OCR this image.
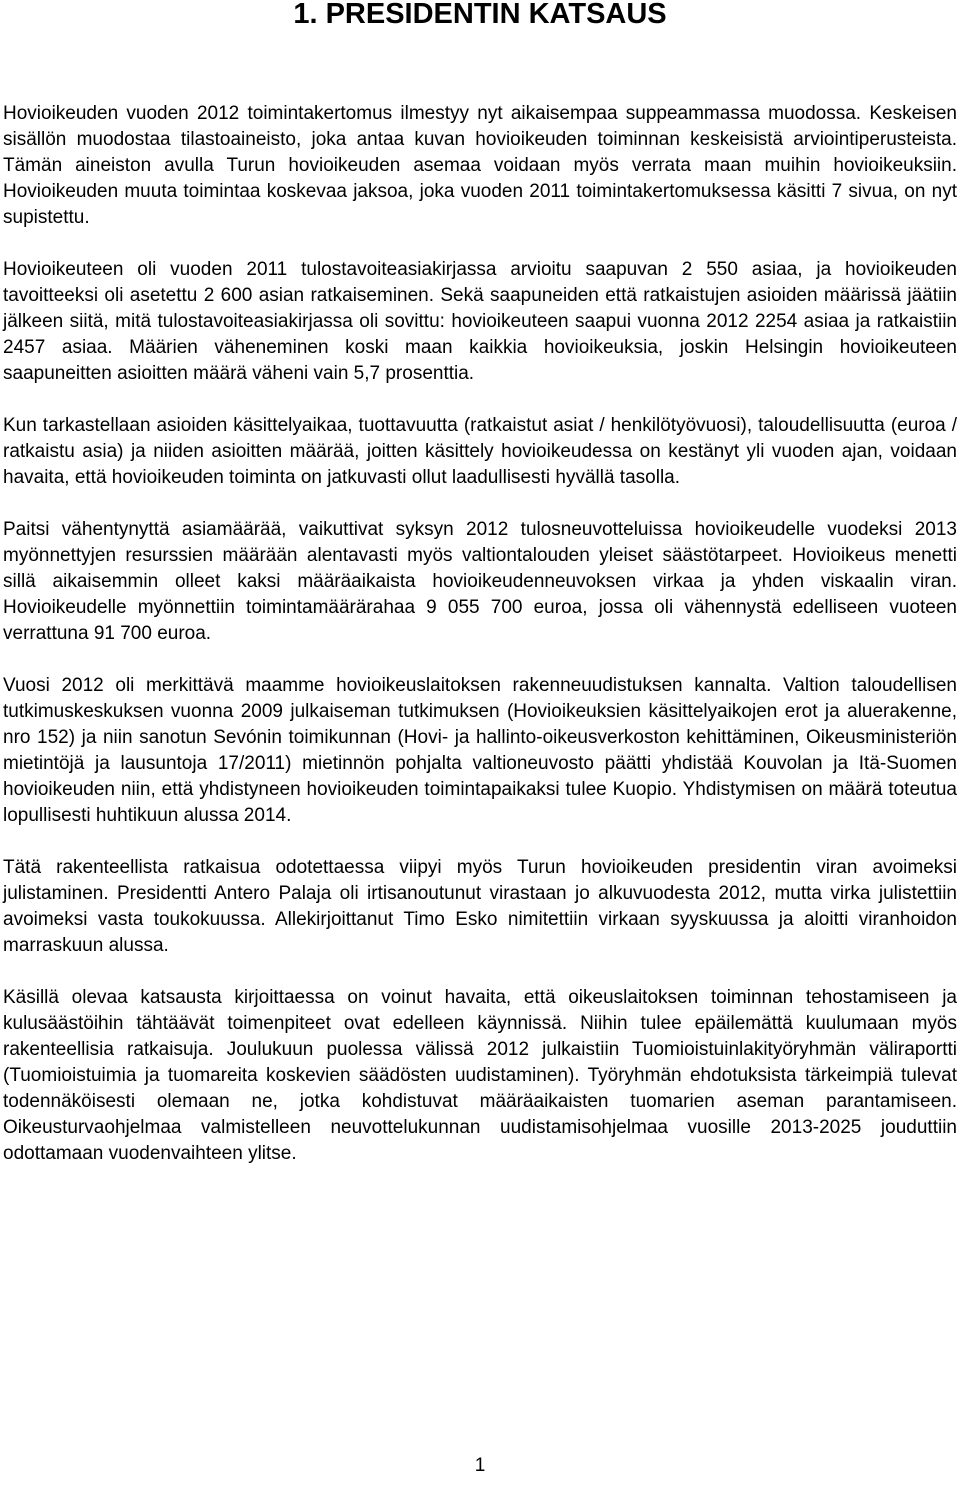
1. PRESIDENTIN KATSAUS

Hovioikeuden vuoden 2012 toimintakertomus ilmestyy nyt aikaisempaa suppeammassa muodossa. Keskeisen sisällön muodostaa tilastoaineisto, joka antaa kuvan hovioikeuden toiminnan keskeisistä arviointiperusteista. Tämän aineiston avulla Turun hovioikeuden asemaa voidaan myös verrata maan muihin hovioikeuksiin. Hovioikeuden muuta toimintaa koskevaa jaksoa, joka vuoden 2011 toimintakertomuksessa käsitti 7 sivua, on nyt supistettu.

Hovioikeuteen oli vuoden 2011 tulostavoiteasiakirjassa arvioitu saapuvan 2 550 asiaa, ja hovioikeuden tavoitteeksi oli asetettu 2 600 asian ratkaiseminen. Sekä saapuneiden että ratkaistujen asioiden määrissä jäätiin jälkeen siitä, mitä tulostavoiteasiakirjassa oli sovittu: hovioikeuteen saapui vuonna 2012 2254 asiaa ja ratkaistiin 2457 asiaa. Määrien väheneminen koski maan kaikkia hovioikeuksia, joskin Helsingin hovioikeuteen saapuneitten asioitten määrä väheni vain 5,7 prosenttia.

Kun tarkastellaan asioiden käsittelyaikaa, tuottavuutta (ratkaistut asiat / henkilötyövuosi), taloudellisuutta (euroa / ratkaistu asia) ja niiden asioitten määrää, joitten käsittely hovioikeudessa on kestänyt yli vuoden ajan, voidaan havaita, että hovioikeuden toiminta on jatkuvasti ollut laadullisesti hyvällä tasolla.

Paitsi vähentynyttä asiamäärää, vaikuttivat syksyn 2012 tulosneuvotteluissa hovioikeudelle vuodeksi 2013 myönnettyjen resurssien määrään alentavasti myös valtiontalouden yleiset säästötarpeet. Hovioikeus menetti sillä aikaisemmin olleet kaksi määräaikaista hovioikeudenneuvoksen virkaa ja yhden viskaalin viran. Hovioikeudelle myönnettiin toimintamäärärahaa 9 055 700 euroa, jossa oli vähennystä edelliseen vuoteen verrattuna 91 700 euroa.

Vuosi 2012 oli merkittävä maamme hovioikeuslaitoksen rakenneuudistuksen kannalta. Valtion taloudellisen tutkimuskeskuksen vuonna 2009 julkaiseman tutkimuksen (Hovioikeuksien käsittelyaikojen erot ja aluerakenne, nro 152) ja niin sanotun Sevónin toimikunnan (Hovi- ja hallinto-oikeusverkoston kehittäminen, Oikeusministeriön mietintöjä ja lausuntoja 17/2011) mietinnön pohjalta valtioneuvosto päätti yhdistää Kouvolan ja Itä-Suomen hovioikeuden niin, että yhdistyneen hovioikeuden toimintapaikaksi tulee Kuopio. Yhdistymisen on määrä toteutua lopullisesti huhtikuun alussa 2014.

Tätä rakenteellista ratkaisua odotettaessa viipyi myös Turun hovioikeuden presidentin viran avoimeksi julistaminen. Presidentti Antero Palaja oli irtisanoutunut virastaan jo alkuvuodesta 2012, mutta virka julistettiin avoimeksi vasta toukokuussa. Allekirjoittanut Timo Esko nimitettiin virkaan syyskuussa ja aloitti viranhoidon marraskuun alussa.

Käsillä olevaa katsausta kirjoittaessa on voinut havaita, että oikeuslaitoksen toiminnan tehostamiseen ja kulusäästöihin tähtäävät toimenpiteet ovat edelleen käynnissä. Niihin tulee epäilemättä kuulumaan myös rakenteellisia ratkaisuja. Joulukuun puolessa välissä 2012 julkaistiin Tuomioistuinlakityöryhmän väliraportti (Tuomioistuimia ja tuomareita koskevien säädösten uudistaminen). Työryhmän ehdotuksista tärkeimpiä tulevat todennäköisesti olemaan ne, jotka kohdistuvat määräaikaisten tuomarien aseman parantamiseen. Oikeusturvaohjelmaa valmistelleen neuvottelukunnan uudistamisohjelmaa vuosille 2013-2025 jouduttiin odottamaan vuodenvaihteen ylitse.

1
